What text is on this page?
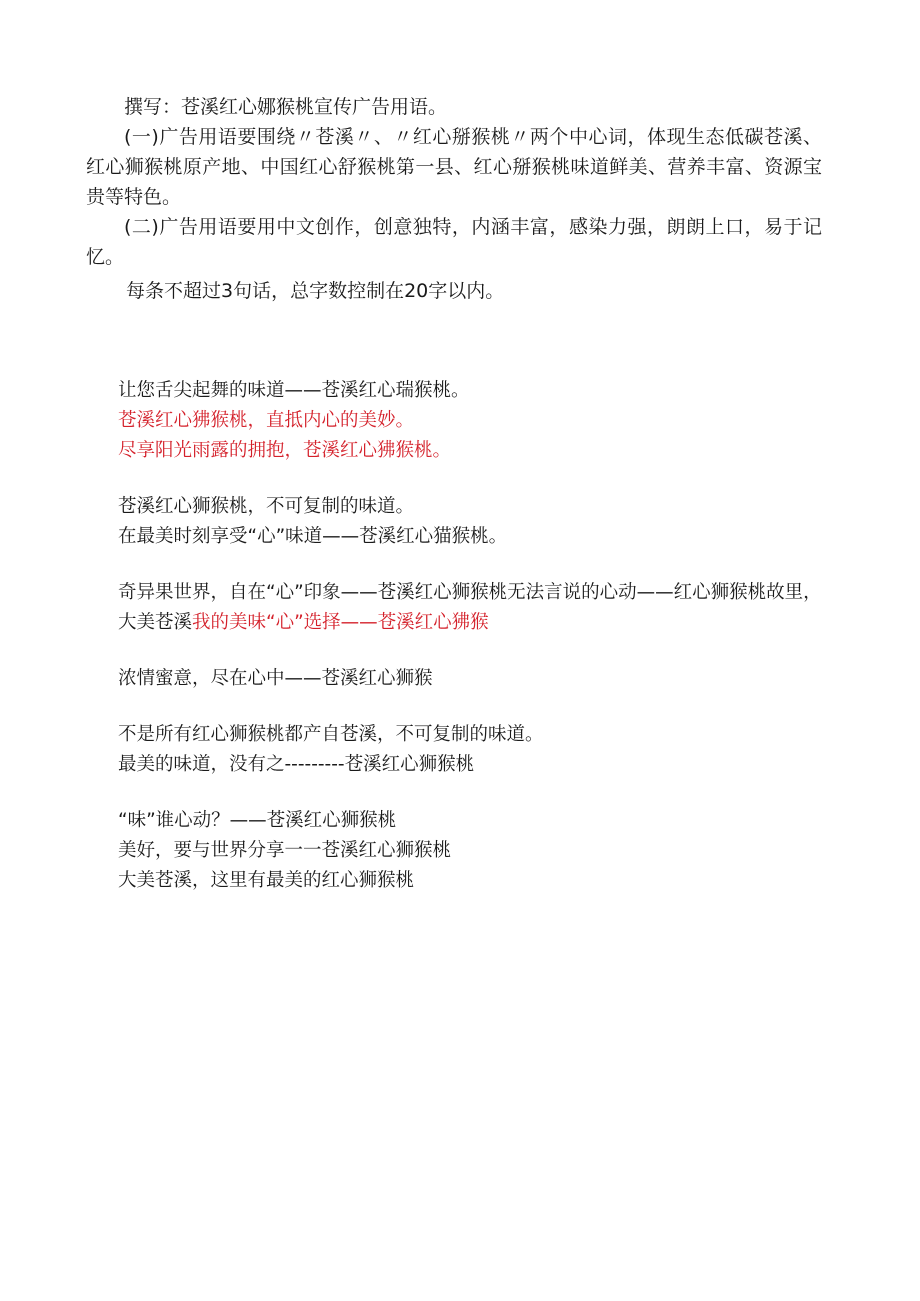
撰写：苍溪红心娜猴桃宣传广告用语。

(一)广告用语要围绕〃苍溪〃、〃红心掰猴桃〃两个中心词，体现生态低碳苍溪、红心狮猴桃原产地、中国红心舒猴桃第一县、红心掰猴桃味道鲜美、营养丰富、资源宝贵等特色。

(二)广告用语要用中文创作，创意独特，内涵丰富，感染力强，朗朗上口，易于记忆。

每条不超过3句话，总字数控制在20字以内。

让您舌尖起舞的味道——苍溪红心瑞猴桃。
苍溪红心狒猴桃，直抵内心的美妙。
尽享阳光雨露的拥抱，苍溪红心狒猴桃。
苍溪红心狮猴桃，不可复制的味道。
在最美时刻享受“心”味道——苍溪红心猫猴桃。
奇异果世界，自在“心”印象——苍溪红心狮猴桃无法言说的心动——红心狮猴桃故里，大美苍溪我的美味“心”选择——苍溪红心狒猴
浓情蜜意，尽在心中——苍溪红心狮猴
不是所有红心狮猴桃都产自苍溪，不可复制的味道。
最美的味道，没有之---------苍溪红心狮猴桃
“味”谁心动？——苍溪红心狮猴桃
美好，要与世界分享一一苍溪红心狮猴桃
大美苍溪，这里有最美的红心狮猴桃
